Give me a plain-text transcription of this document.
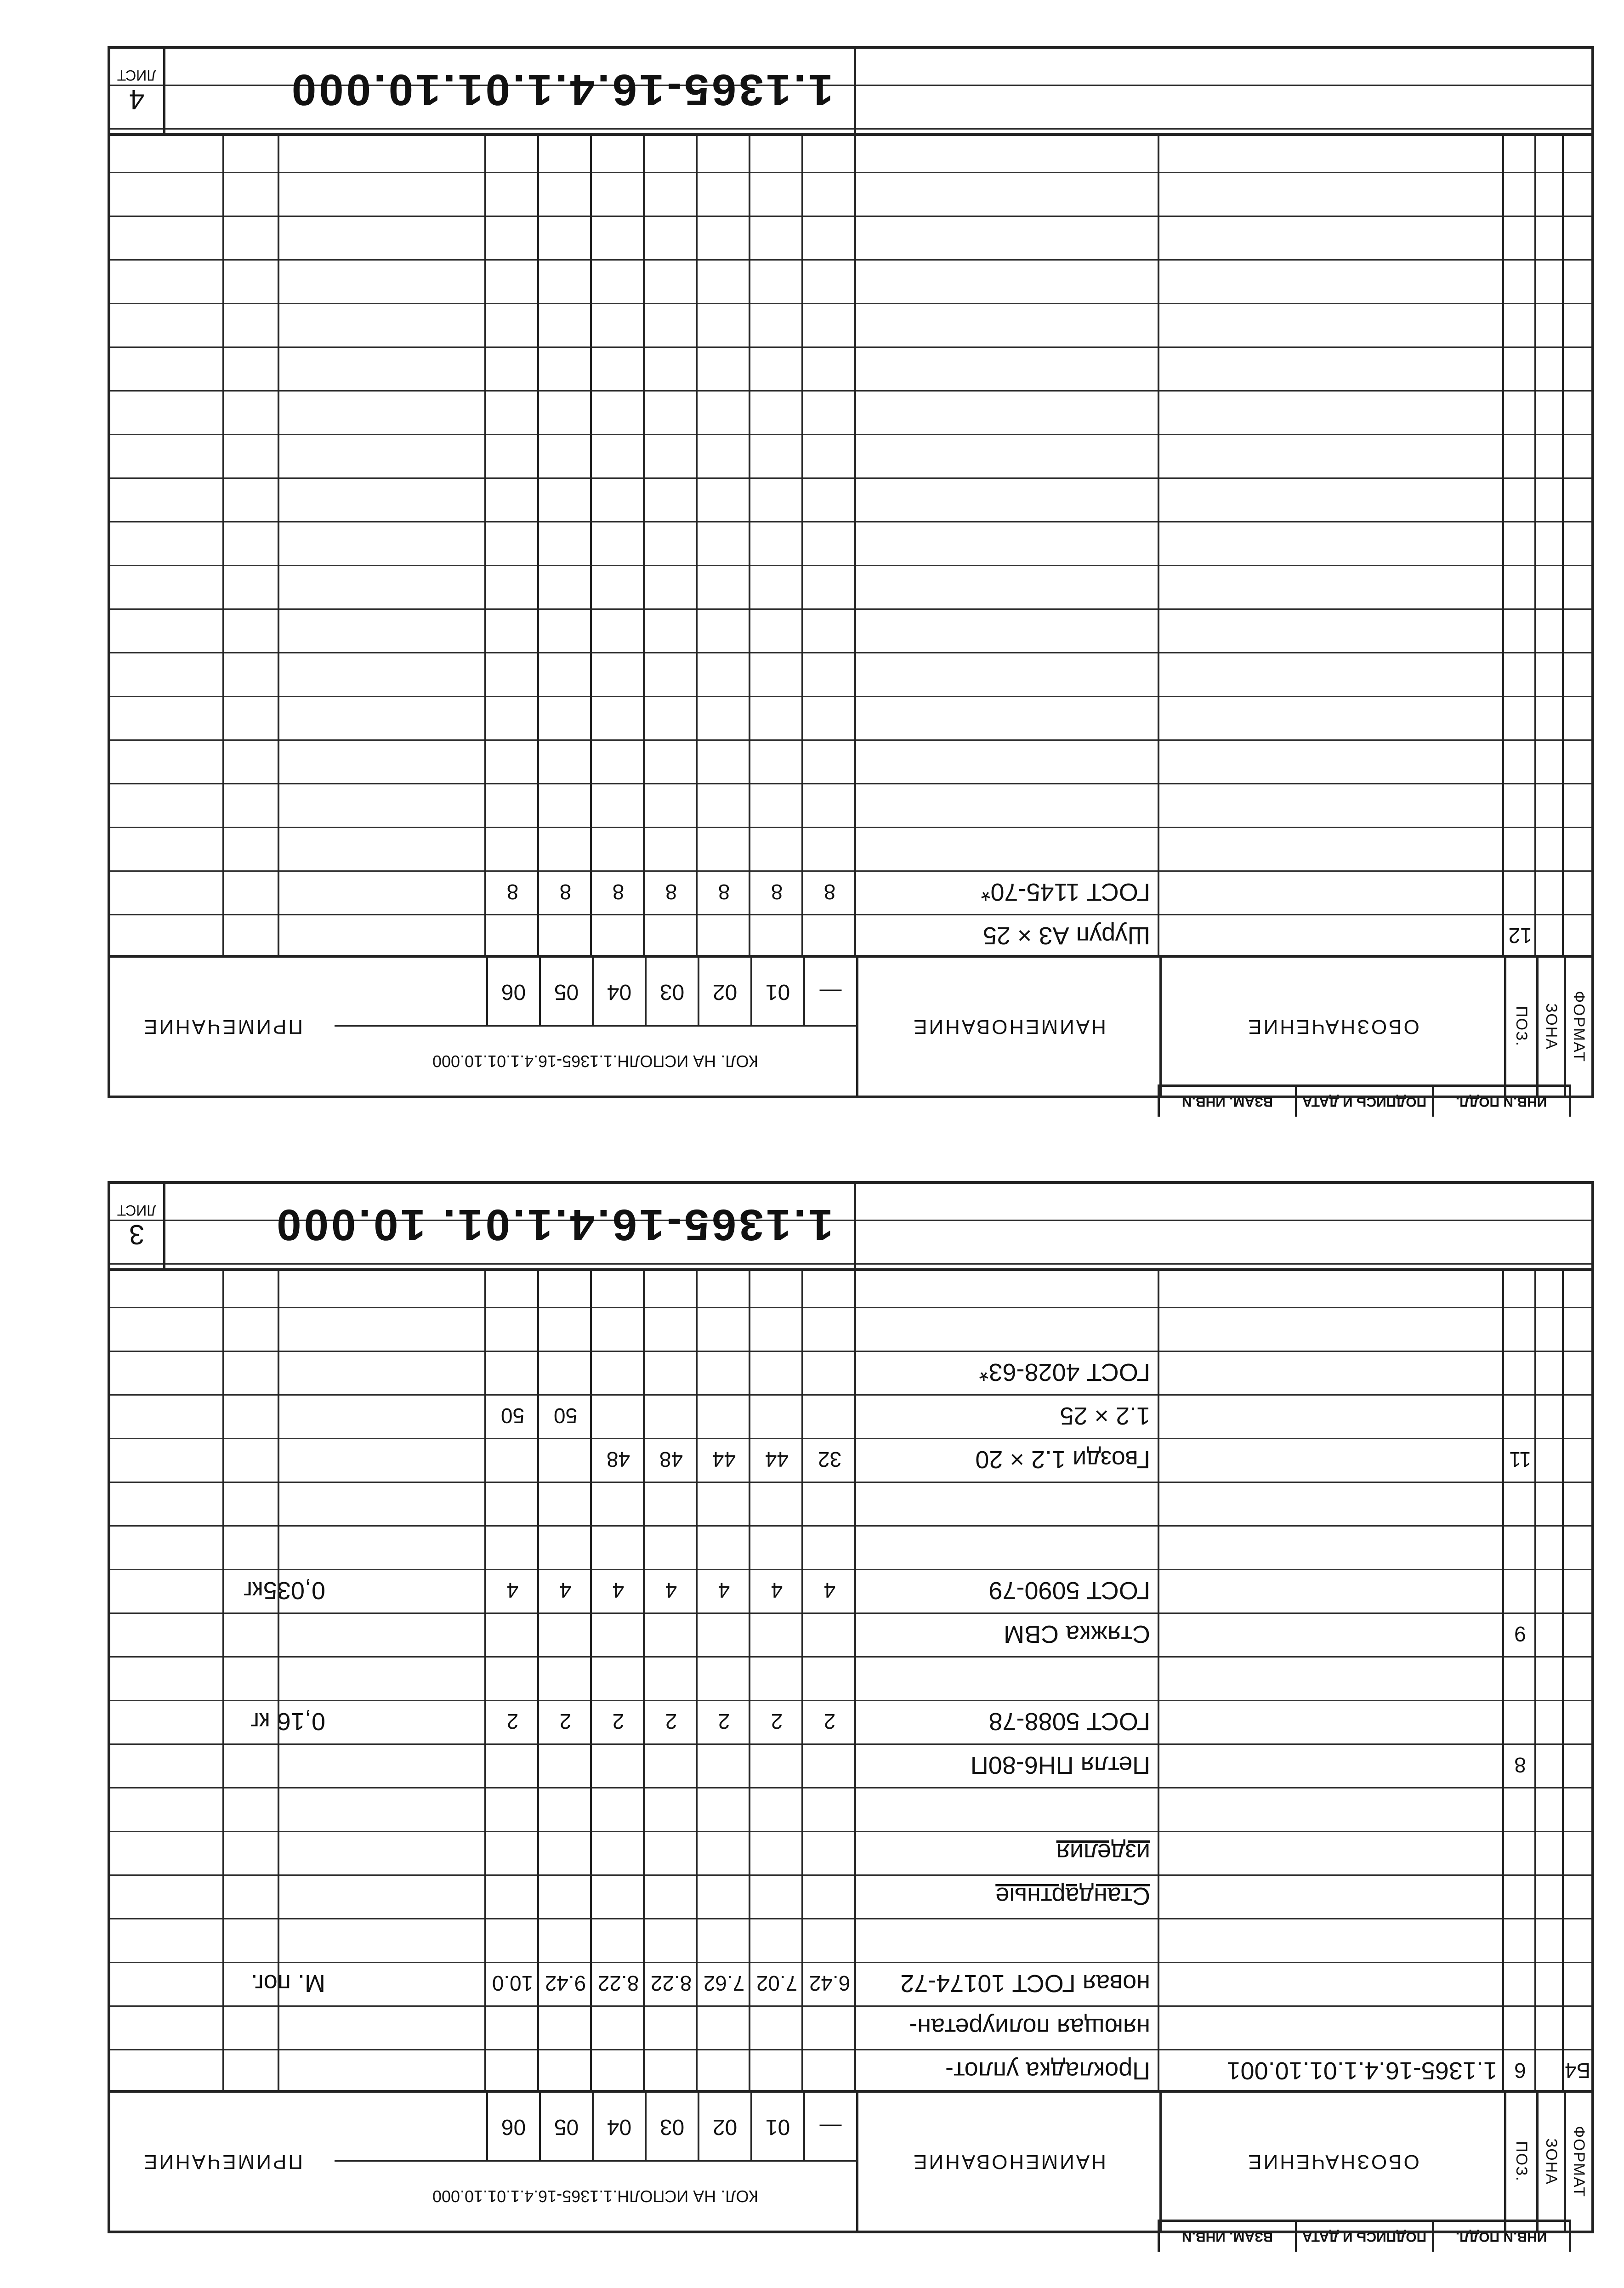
ИНВ.N ПОДЛ.
ПОДПИСЬ И ДАТА
ВЗАМ. ИНВ.N
ФОРМАТ
ЗОНА
ПОЗ.
ОБОЗНАЧЕНИЕ
НАИМЕНОВАНИЕ
КОЛ. НА ИСПОЛН.1.1365-16.4.1.01.10.000
ПРИМЕЧАНИЕ
—
01
02
03
04
05
06
12
Шуруп А3 × 25
ГОСТ 1145-70*
8
8
8
8
8
8
8
1.1365-16.4.1.01.10.000
4
ЛИСТ
ИНВ.N ПОДЛ.
ПОДПИСЬ И ДАТА
ВЗАМ. ИНВ.N
ФОРМАТ
ЗОНА
ПОЗ.
ОБОЗНАЧЕНИЕ
НАИМЕНОВАНИЕ
КОЛ. НА ИСПОЛН.1.1365-16.4.1.01.10.000
ПРИМЕЧАНИЕ
—
01
02
03
04
05
06
Б4
6
1.1365-16.4.1.01.10.001
Прокладка уплот-
няющая полиуретан-
новая ГОСТ 10174-72
6.42
7.02
7.62
8.22
8.22
9.42
10.0
М. пог.
Стандартные
изделия
8
Петля ПН6-80П
ГОСТ 5088-78
2
2
2
2
2
2
2
0,16 кг
9
Стяжка СВМ
ГОСТ 5090-79
4
4
4
4
4
4
4
0,035кг
11
Гвозди 1.2 × 20
32
44
44
48
48
1.2 × 25
50
50
ГОСТ 4028-63*
1.1365-16.4.1.01. 10.000
3
ЛИСТ
